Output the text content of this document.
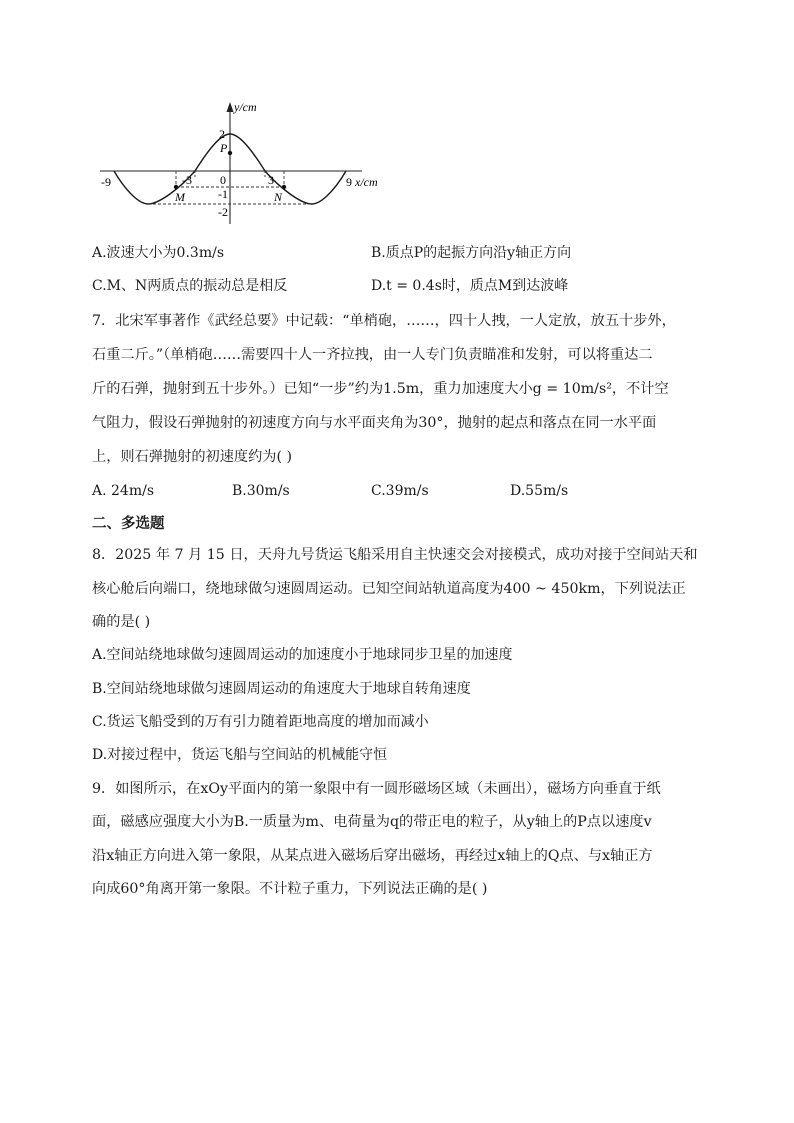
y/cm
x/cm
-9	-3 0	3	9
2
-1
-2
P
M	N
A.波速大小为0.3m/s	B.质点P的起振方向沿y轴正方向
C.M、N两质点的振动总是相反	D.t = 0.4s时，质点M到达波峰
7．北宋军事著作《武经总要》中记载：“单梢砲，……，四十人拽，一人定放，放五十步外，
石重二斤。”（单梢砲……需要四十人一齐拉拽，由一人专门负责瞄准和发射，可以将重达二
斤的石弹，抛射到五十步外。）已知“一步”约为1.5m，重力加速度大小g = 10m/s²，不计空
气阻力，假设石弹抛射的初速度方向与水平面夹角为30°，抛射的起点和落点在同一水平面
上，则石弹抛射的初速度约为( )
A. 24m/s	B.30m/s	C.39m/s	D.55m/s
二、多选题
8．2025 年 7 月 15 日，天舟九号货运飞船采用自主快速交会对接模式，成功对接于空间站天和
核心舱后向端口，绕地球做匀速圆周运动。已知空间站轨道高度为400 ~ 450km，下列说法正
确的是( )
A.空间站绕地球做匀速圆周运动的加速度小于地球同步卫星的加速度
B.空间站绕地球做匀速圆周运动的角速度大于地球自转角速度
C.货运飞船受到的万有引力随着距地高度的增加而减小
D.对接过程中，货运飞船与空间站的机械能守恒
9．如图所示，在xOy平面内的第一象限中有一圆形磁场区域（未画出），磁场方向垂直于纸
面，磁感应强度大小为B.一质量为m、电荷量为q的带正电的粒子，从y轴上的P点以速度v
沿x轴正方向进入第一象限，从某点进入磁场后穿出磁场，再经过x轴上的Q点、与x轴正方
向成60°角离开第一象限。不计粒子重力，下列说法正确的是( )
